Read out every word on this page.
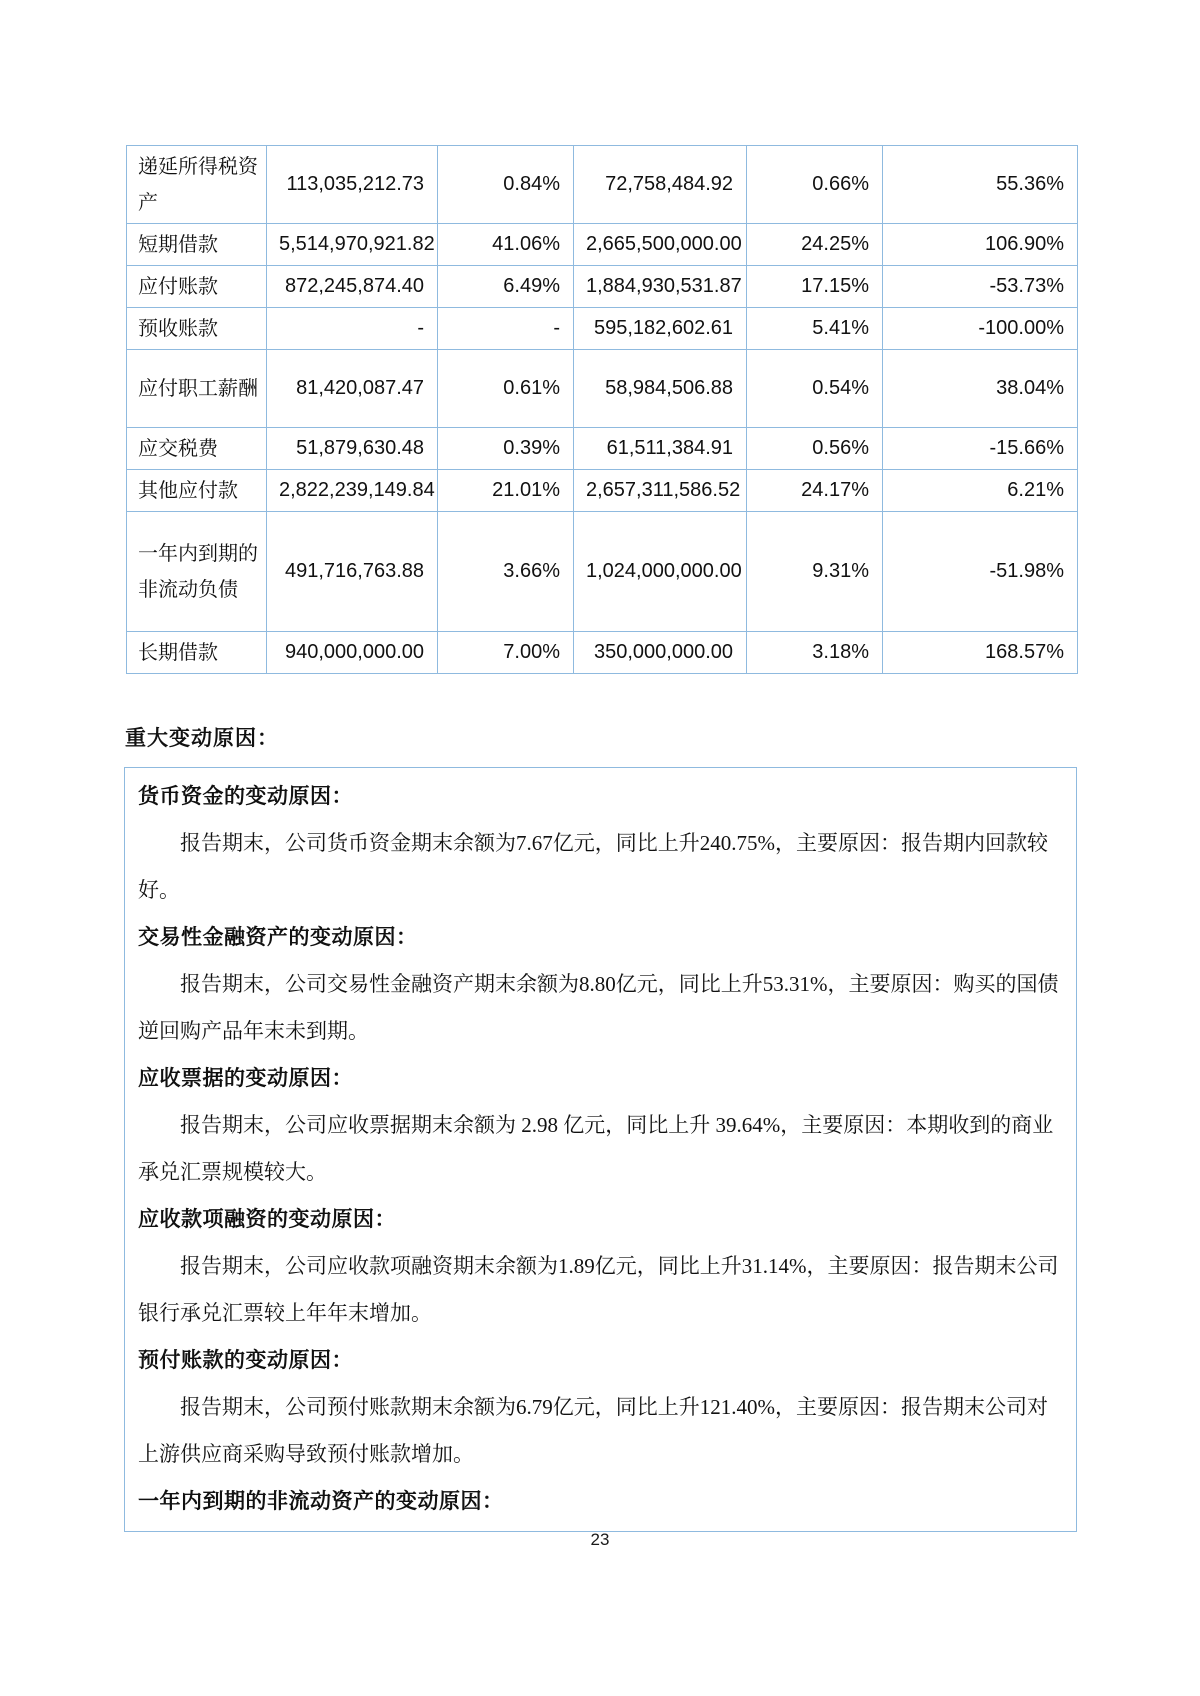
递延所得税资产	113,035,212.73	0.84%	72,758,484.92	0.66%	55.36%
短期借款	5,514,970,921.82	41.06%	2,665,500,000.00	24.25%	106.90%
应付账款	872,245,874.40	6.49%	1,884,930,531.87	17.15%	-53.73%
预收账款	-	-	595,182,602.61	5.41%	-100.00%
应付职工薪酬	81,420,087.47	0.61%	58,984,506.88	0.54%	38.04%
应交税费	51,879,630.48	0.39%	61,511,384.91	0.56%	-15.66%
其他应付款	2,822,239,149.84	21.01%	2,657,311,586.52	24.17%	6.21%
一年内到期的非流动负债	491,716,763.88	3.66%	1,024,000,000.00	9.31%	-51.98%
长期借款	940,000,000.00	7.00%	350,000,000.00	3.18%	168.57%
重大变动原因：
货币资金的变动原因：
报告期末，公司货币资金期末余额为7.67亿元，同比上升240.75%，主要原因：报告期内回款较好。
交易性金融资产的变动原因：
报告期末，公司交易性金融资产期末余额为8.80亿元，同比上升53.31%，主要原因：购买的国债逆回购产品年末未到期。
应收票据的变动原因：
报告期末，公司应收票据期末余额为 2.98 亿元，同比上升 39.64%，主要原因：本期收到的商业承兑汇票规模较大。
应收款项融资的变动原因：
报告期末，公司应收款项融资期末余额为1.89亿元，同比上升31.14%，主要原因：报告期末公司银行承兑汇票较上年年末增加。
预付账款的变动原因：
报告期末，公司预付账款期末余额为6.79亿元，同比上升121.40%，主要原因：报告期末公司对上游供应商采购导致预付账款增加。
一年内到期的非流动资产的变动原因：
23
